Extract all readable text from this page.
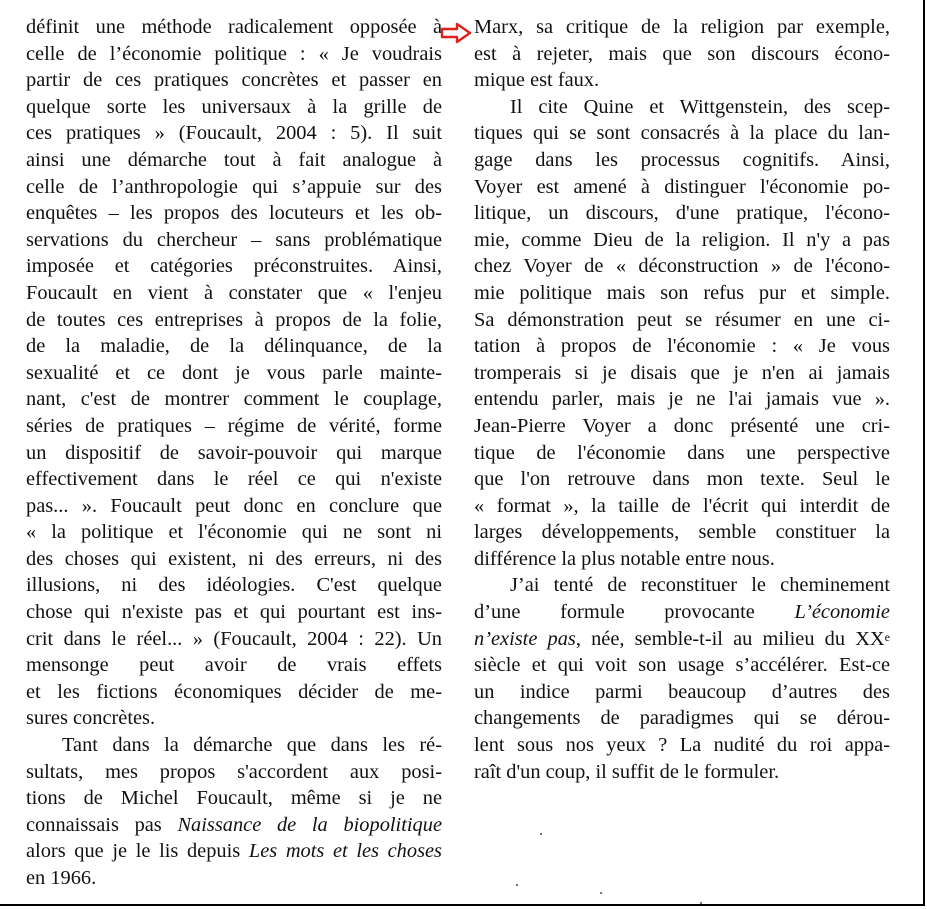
définit une méthode radicalement opposée à
celle de l’économie politique : « Je voudrais
partir de ces pratiques concrètes et passer en
quelque sorte les universaux à la grille de
ces pratiques » (Foucault, 2004 : 5). Il suit
ainsi une démarche tout à fait analogue à
celle de l’anthropologie qui s’appuie sur des
enquêtes – les propos des locuteurs et les ob-
servations du chercheur – sans problématique
imposée et catégories préconstruites. Ainsi,
Foucault en vient à constater que « l'enjeu
de toutes ces entreprises à propos de la folie,
de la maladie, de la délinquance, de la
sexualité et ce dont je vous parle mainte-
nant, c'est de montrer comment le couplage,
séries de pratiques – régime de vérité, forme
un dispositif de savoir-pouvoir qui marque
effectivement dans le réel ce qui n'existe
pas... ». Foucault peut donc en conclure que
« la politique et l'économie qui ne sont ni
des choses qui existent, ni des erreurs, ni des
illusions, ni des idéologies. C'est quelque
chose qui n'existe pas et qui pourtant est ins-
crit dans le réel... » (Foucault, 2004 : 22). Un
mensonge peut avoir de vrais effets
et les fictions économiques décider de me-
sures concrètes.
Tant dans la démarche que dans les ré-
sultats, mes propos s'accordent aux posi-
tions de Michel Foucault, même si je ne
connaissais pas Naissance de la biopolitique
alors que je le lis depuis Les mots et les choses
en 1966.
Marx, sa critique de la religion par exemple,
est à rejeter, mais que son discours écono-
mique est faux.
Il cite Quine et Wittgenstein, des scep-
tiques qui se sont consacrés à la place du lan-
gage dans les processus cognitifs. Ainsi,
Voyer est amené à distinguer l'économie po-
litique, un discours, d'une pratique, l'écono-
mie, comme Dieu de la religion. Il n'y a pas
chez Voyer de « déconstruction » de l'écono-
mie politique mais son refus pur et simple.
Sa démonstration peut se résumer en une ci-
tation à propos de l'économie : « Je vous
tromperais si je disais que je n'en ai jamais
entendu parler, mais je ne l'ai jamais vue ».
Jean-Pierre Voyer a donc présenté une cri-
tique de l'économie dans une perspective
que l'on retrouve dans mon texte. Seul le
« format », la taille de l'écrit qui interdit de
larges développements, semble constituer la
différence la plus notable entre nous.
J’ai tenté de reconstituer le cheminement
d’une formule provocante L’économie
n’existe pas, née, semble-t-il au milieu du XXe
siècle et qui voit son usage s’accélérer. Est-ce
un indice parmi beaucoup d’autres des
changements de paradigmes qui se dérou-
lent sous nos yeux ? La nudité du roi appa-
raît d'un coup, il suffit de le formuler.
